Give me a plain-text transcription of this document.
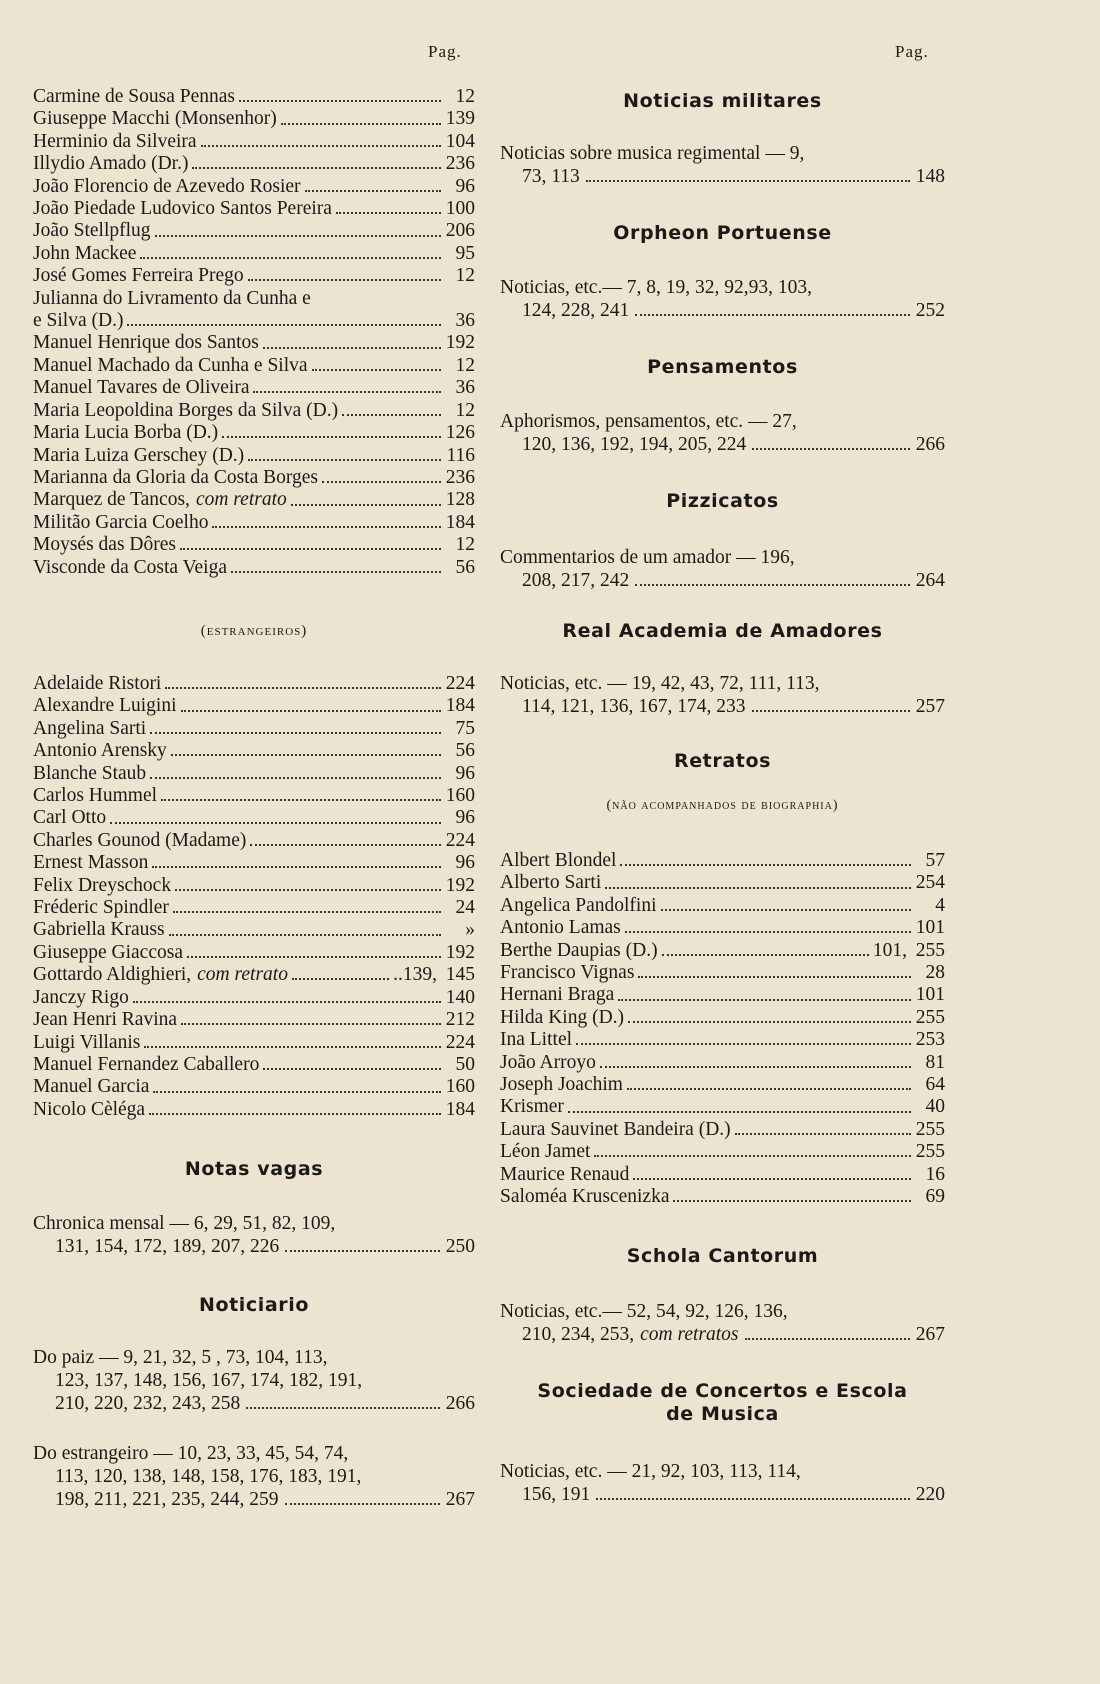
Pag.
Carmine de Sousa Pennas	12
Giuseppe Macchi (Monsenhor)	139
Herminio da Silveira	104
Illydio Amado (Dr.)	236
João Florencio de Azevedo Rosier	96
João Piedade Ludovico Santos Pereira	100
João Stellpflug	206
John Mackee	95
José Gomes Ferreira Prego	12
Julianna do Livramento da Cunha e
e Silva (D.)	36
Manuel Henrique dos Santos	192
Manuel Machado da Cunha e Silva	12
Manuel Tavares de Oliveira	36
Maria Leopoldina Borges da Silva (D.)	12
Maria Lucia Borba (D.)	126
Maria Luiza Gerschey (D.)	116
Marianna da Gloria da Costa Borges	236
Marquez de Tancos, com retrato	128
Militão Garcia Coelho	184
Moysés das Dôres	12
Visconde da Costa Veiga	56
(estrangeiros)
Adelaide Ristori	224
Alexandre Luigini	184
Angelina Sarti	75
Antonio Arensky	56
Blanche Staub	96
Carlos Hummel	160
Carl Otto	96
Charles Gounod (Madame)	224
Ernest Masson	96
Felix Dreyschock	192
Fréderic Spindler	24
Gabriella Krauss	»
Giuseppe Giaccosa	192
Gottardo Aldighieri, com retrato	..139, 145
Janczy Rigo	140
Jean Henri Ravina	212
Luigi Villanis	224
Manuel Fernandez Caballero	50
Manuel Garcia	160
Nicolo Cèléga	184
Notas vagas
Chronica mensal — 6, 29, 51, 82, 109,
131, 154, 172, 189, 207, 226	250
Noticiario
Do paiz — 9, 21, 32, 5 , 73, 104, 113,
123, 137, 148, 156, 167, 174, 182, 191,
210, 220, 232, 243, 258	266
Do estrangeiro — 10, 23, 33, 45, 54, 74,
113, 120, 138, 148, 158, 176, 183, 191,
198, 211, 221, 235, 244, 259	267
Pag.
Noticias militares
Noticias sobre musica regimental — 9,
73, 113	148
Orpheon Portuense
Noticias, etc.— 7, 8, 19, 32, 92,93, 103,
124, 228, 241	252
Pensamentos
Aphorismos, pensamentos, etc. — 27,
120, 136, 192, 194, 205, 224	266
Pizzicatos
Commentarios de um amador — 196,
208, 217, 242	264
Real Academia de Amadores
Noticias, etc. — 19, 42, 43, 72, 111, 113,
114, 121, 136, 167, 174, 233	257
Retratos
(não acompanhados de biographia)
Albert Blondel	57
Alberto Sarti	254
Angelica Pandolfini	4
Antonio Lamas	101
Berthe Daupias (D.)	101, 255
Francisco Vignas	28
Hernani Braga	101
Hilda King (D.)	255
Ina Littel	253
João Arroyo	81
Joseph Joachim	64
Krismer	40
Laura Sauvinet Bandeira (D.)	255
Léon Jamet	255
Maurice Renaud	16
Saloméa Kruscenizka	69
Schola Cantorum
Noticias, etc.— 52, 54, 92, 126, 136,
210, 234, 253, com retratos	267
Sociedade de Concertos e Escola
de Musica
Noticias, etc. — 21, 92, 103, 113, 114,
156, 191	220
